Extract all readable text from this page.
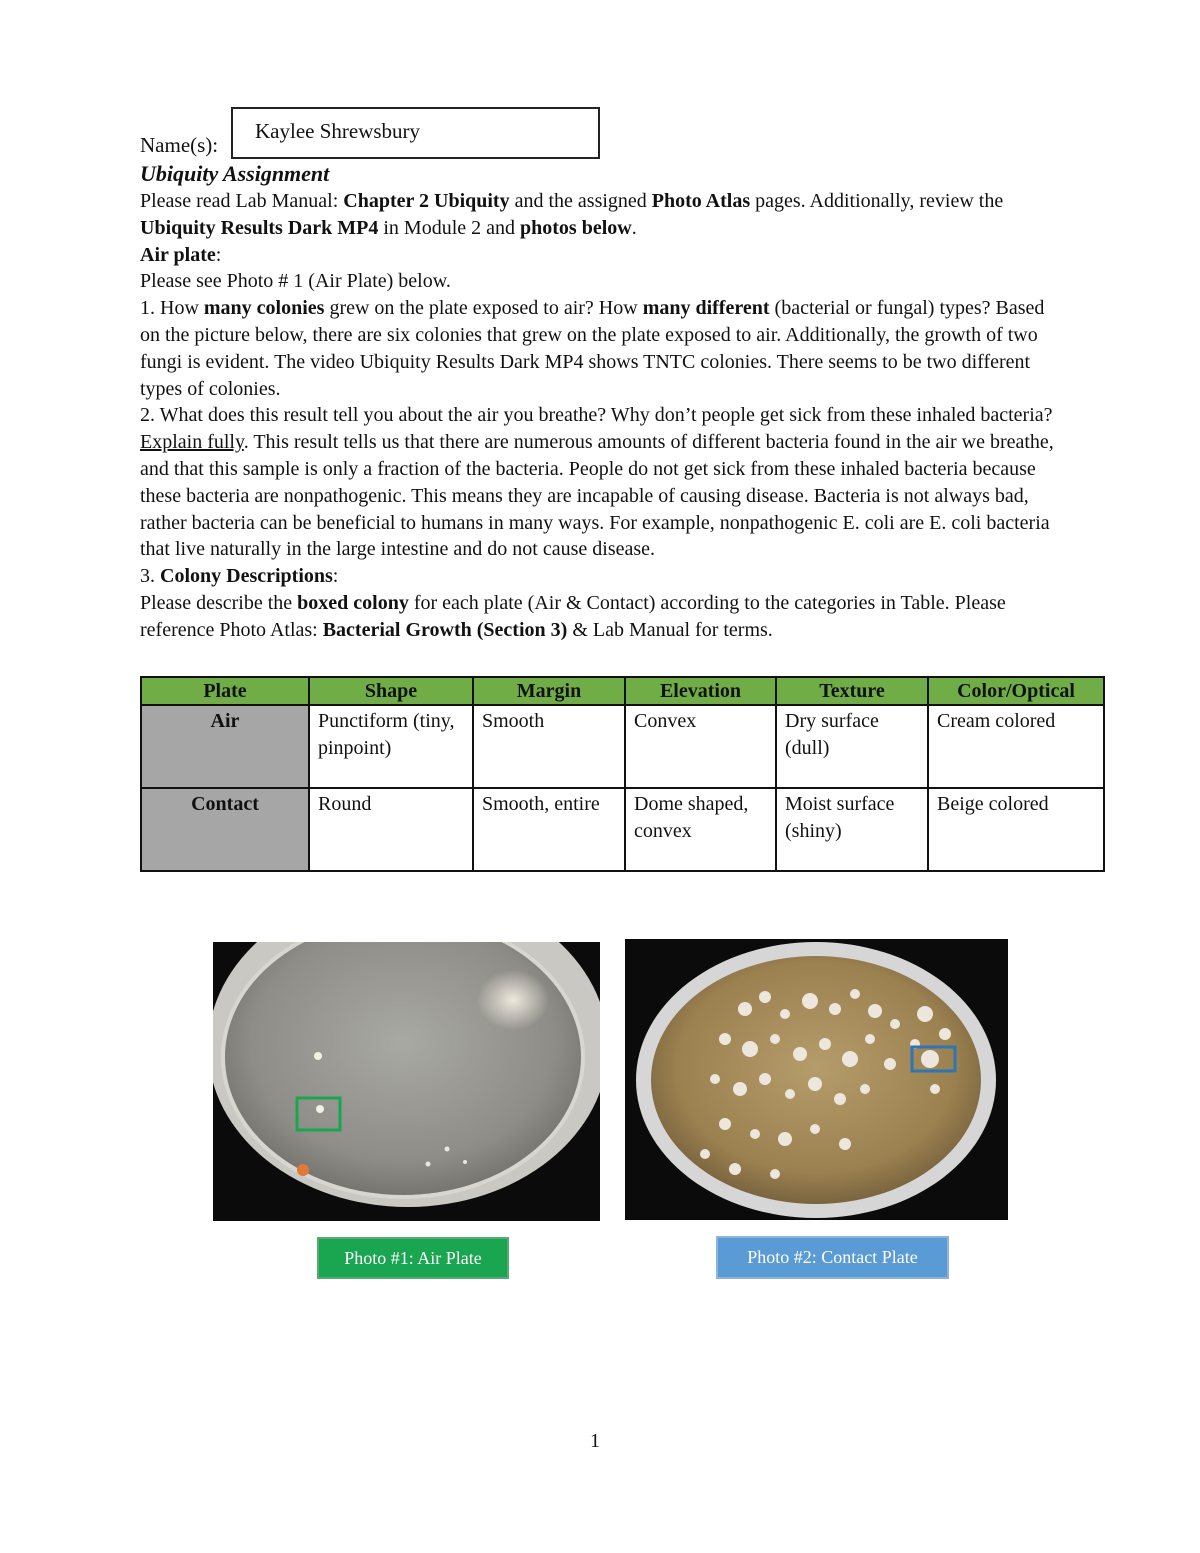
Name(s):
Kaylee Shrewsbury

Ubiquity Assignment

Please read Lab Manual: Chapter 2 Ubiquity and the assigned Photo Atlas pages. Additionally, review the Ubiquity Results Dark MP4 in Module 2 and photos below.

Air plate:

Please see Photo # 1 (Air Plate) below.

1. How many colonies grew on the plate exposed to air? How many different (bacterial or fungal) types? Based on the picture below, there are six colonies that grew on the plate exposed to air. Additionally, the growth of two fungi is evident. The video Ubiquity Results Dark MP4 shows TNTC colonies. There seems to be two different types of colonies.

2. What does this result tell you about the air you breathe? Why don’t people get sick from these inhaled bacteria? Explain fully. This result tells us that there are numerous amounts of different bacteria found in the air we breathe, and that this sample is only a fraction of the bacteria. People do not get sick from these inhaled bacteria because these bacteria are nonpathogenic. This means they are incapable of causing disease. Bacteria is not always bad, rather bacteria can be beneficial to humans in many ways. For example, nonpathogenic E. coli are E. coli bacteria that live naturally in the large intestine and do not cause disease.

3. Colony Descriptions:

Please describe the boxed colony for each plate (Air & Contact) according to the categories in Table. Please reference Photo Atlas: Bacterial Growth (Section 3) & Lab Manual for terms.

Plate	Shape	Margin	Elevation	Texture	Color/Optical
Air	Punctiform (tiny, pinpoint)	Smooth	Convex	Dry surface (dull)	Cream colored
Contact	Round	Smooth, entire	Dome shaped, convex	Moist surface (shiny)	Beige colored
Photo #1: Air Plate	Photo #2: Contact Plate
1
